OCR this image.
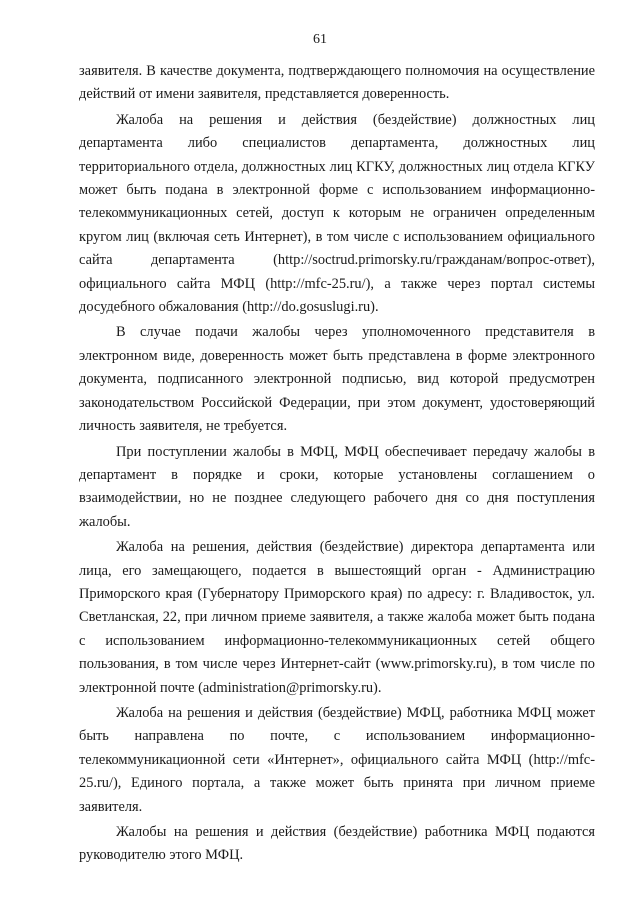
61

заявителя. В качестве документа, подтверждающего полномочия на осуществление действий от имени заявителя, представляется доверенность.

Жалоба на решения и действия (бездействие) должностных лиц департамента либо специалистов департамента, должностных лиц территориального отдела, должностных лиц КГКУ, должностных лиц отдела КГКУ может быть подана в электронной форме с использованием информационно-телекоммуникационных сетей, доступ к которым не ограничен определенным кругом лиц (включая сеть Интернет), в том числе с использованием официального сайта департамента (http://soctrud.primorsky.ru/гражданам/вопрос-ответ), официального сайта МФЦ (http://mfc-25.ru/), а также через портал системы досудебного обжалования (http://do.gosuslugi.ru).

В случае подачи жалобы через уполномоченного представителя в электронном виде, доверенность может быть представлена в форме электронного документа, подписанного электронной подписью, вид которой предусмотрен законодательством Российской Федерации, при этом документ, удостоверяющий личность заявителя, не требуется.

При поступлении жалобы в МФЦ, МФЦ обеспечивает передачу жалобы в департамент в порядке и сроки, которые установлены соглашением о взаимодействии, но не позднее следующего рабочего дня со дня поступления жалобы.

Жалоба на решения, действия (бездействие) директора департамента или лица, его замещающего, подается в вышестоящий орган - Администрацию Приморского края (Губернатору Приморского края) по адресу: г. Владивосток, ул. Светланская, 22, при личном приеме заявителя, а также жалоба может быть подана с использованием информационно-телекоммуникационных сетей общего пользования, в том числе через Интернет-сайт (www.primorsky.ru), в том числе по электронной почте (administration@primorsky.ru).

Жалоба на решения и действия (бездействие) МФЦ, работника МФЦ может быть направлена по почте, с использованием информационно-телекоммуникационной сети «Интернет», официального сайта МФЦ (http://mfc-25.ru/), Единого портала, а также может быть принята при личном приеме заявителя.

Жалобы на решения и действия (бездействие) работника МФЦ подаются руководителю этого МФЦ.
